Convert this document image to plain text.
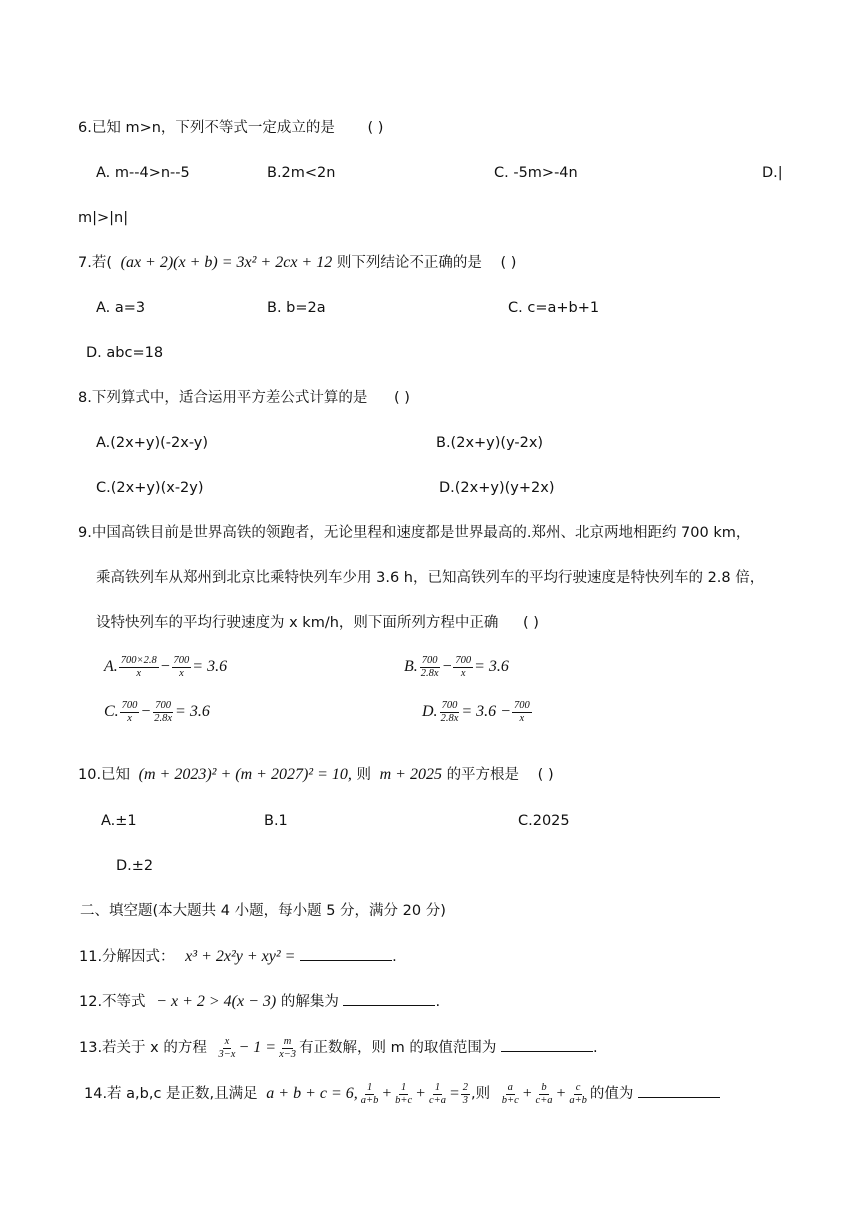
6.已知 m>n，下列不等式一定成立的是 ( )
A. m--4>n--5	B.2m<2n	C. -5m>-4n	D.|
m|>|n|
7.若( (ax + 2)(x + b) = 3x² + 2cx + 12 则下列结论不正确的是 ( )
A. a=3	B. b=2a	C. c=a+b+1
D. abc=18
8.下列算式中，适合运用平方差公式计算的是 ( )
A.(2x+y)(-2x-y)	B.(2x+y)(y-2x)
C.(2x+y)(x-2y)	D.(2x+y)(y+2x)
9.中国高铁目前是世界高铁的领跑者，无论里程和速度都是世界最高的.郑州、北京两地相距约 700 km，
乘高铁列车从郑州到北京比乘特快列车少用 3.6 h，已知高铁列车的平均行驶速度是特快列车的 2.8 倍，
设特快列车的平均行驶速度为 x km/h，则下面所列方程中正确 ( )
A. $\frac{700\times 2.8}{x} - \frac{700}{x} = 3.6$	B. $\frac{700}{2.8x} - \frac{700}{x} = 3.6$
C. $\frac{700}{x} - \frac{700}{2.8x} = 3.6$	D. $\frac{700}{2.8x} = 3.6 - \frac{700}{x}$
10.已知 (m + 2023)² + (m + 2027)² = 10, 则 m + 2025 的平方根是 ( )
A.±1	B.1	C.2025
D.±2
二、填空题(本大题共 4 小题，每小题 5 分，满分 20 分)
11.分解因式： x³ + 2x²y + xy² =	.
12.不等式 − x + 2 > 4(x − 3) 的解集为	.
13.若关于 x 的方程 $\frac{x}{3-x} - 1 = \frac{m}{x-3}$ 有正数解，则 m 的取值范围为	.
14.若 a,b,c 是正数,且满足 a + b + c = 6, $\frac{1}{a+b} + \frac{1}{b+c} + \frac{1}{c+a} = \frac{2}{3}$ ,则 $\frac{a}{b+c} + \frac{b}{c+a} + \frac{c}{a+b}$ 的值为
